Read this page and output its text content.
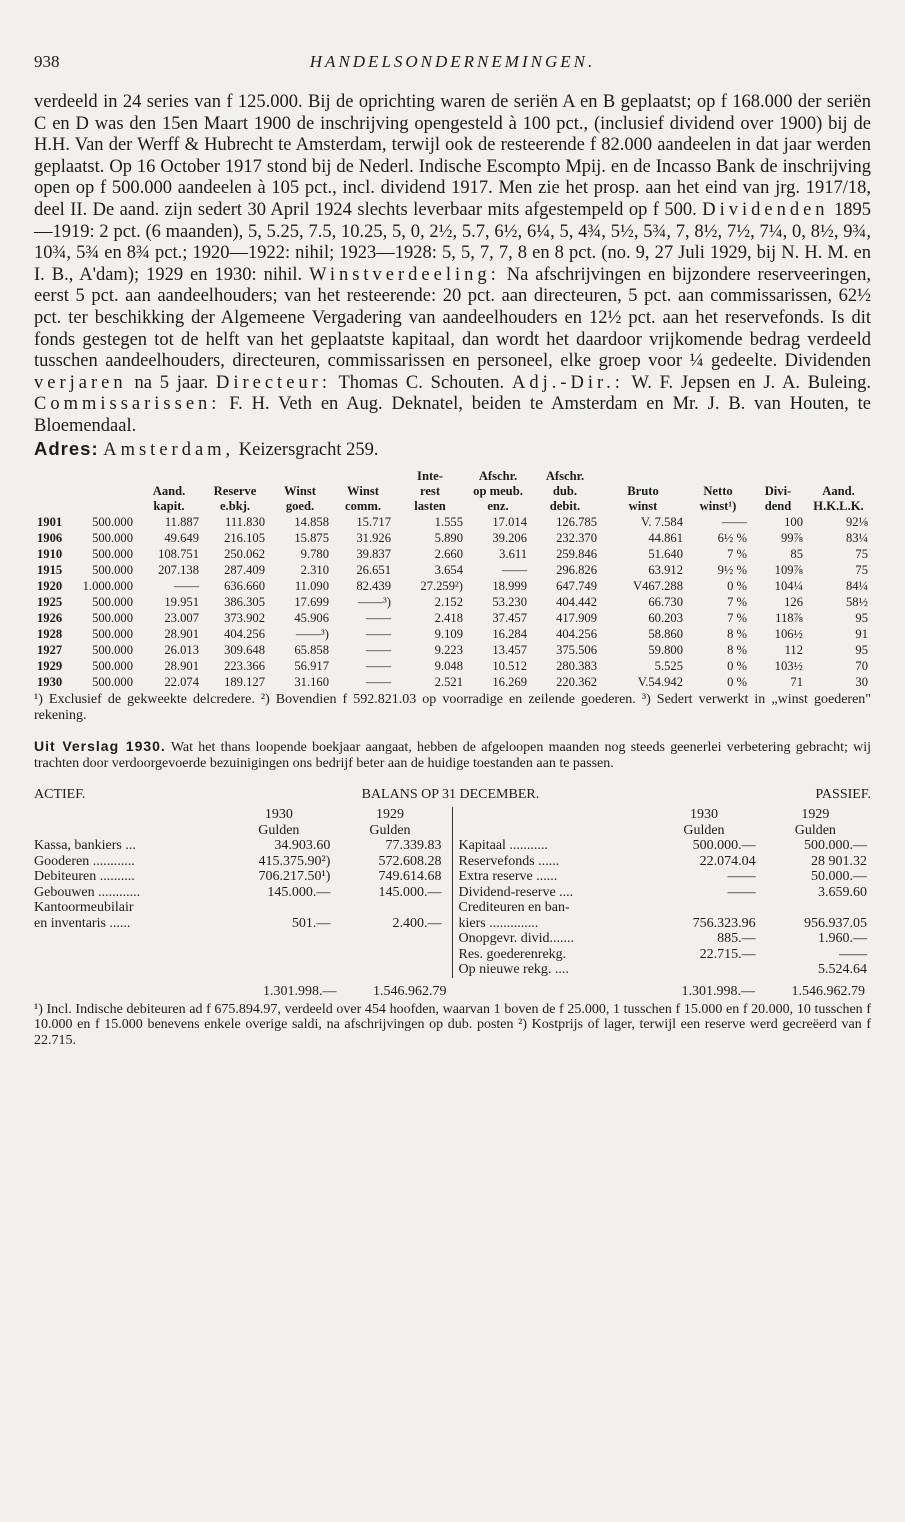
938	HANDELSONDERNEMINGEN.

verdeeld in 24 series van f 125.000. Bij de oprichting waren de seriën A en B geplaatst; op f 168.000 der seriën C en D was den 15en Maart 1900 de inschrijving opengesteld à 100 pct., (inclusief dividend over 1900) bij de H.H. Van der Werff & Hubrecht te Amsterdam, terwijl ook de resteerende f 82.000 aandeelen in dat jaar werden geplaatst. Op 16 October 1917 stond bij de Nederl. Indische Escompto Mpij. en de Incasso Bank de inschrijving open op f 500.000 aandeelen à 105 pct., incl. dividend 1917. Men zie het prosp. aan het eind van jrg. 1917/18, deel II. De aand. zijn sedert 30 April 1924 slechts leverbaar mits afgestempeld op f 500. Dividenden 1895—1919: 2 pct. (6 maanden), 5, 5.25, 7.5, 10.25, 5, 0, 2½, 5.7, 6½, 6¼, 5, 4¾, 5½, 5¾, 7, 8½, 7½, 7¼, 0, 8½, 9¾, 10¾, 5¾ en 8¾ pct.; 1920—1922: nihil; 1923—1928: 5, 5, 7, 7, 8 en 8 pct. (no. 9, 27 Juli 1929, bij N. H. M. en I. B., A'dam); 1929 en 1930: nihil. Winstverdeeling: Na afschrijvingen en bijzondere reserveeringen, eerst 5 pct. aan aandeelhouders; van het resteerende: 20 pct. aan directeuren, 5 pct. aan commissarissen, 62½ pct. ter beschikking der Algemeene Vergadering van aandeelhouders en 12½ pct. aan het reservefonds. Is dit fonds gestegen tot de helft van het geplaatste kapitaal, dan wordt het daardoor vrijkomende bedrag verdeeld tusschen aandeelhouders, directeuren, commissarissen en personeel, elke groep voor ¼ gedeelte. Dividenden verjaren na 5 jaar. Directeur: Thomas C. Schouten. Adj.-Dir.: W. F. Jepsen en J. A. Buleing. Commissarissen: F. H. Veth en Aug. Deknatel, beiden te Amsterdam en Mr. J. B. van Houten, te Bloemendaal.
Adres: Amsterdam, Keizersgracht 259.

						Inte-	Afschr.	Afschr.				
		Aand.	Reserve	Winst	Winst	rest	op meub.	dub.	Bruto	Netto	Divi-	Aand.
		kapit.	e.bkj.	goed.	comm.	lasten	enz.	debit.	winst	winst¹)	dend	H.K.L.K.
1901	500.000	11.887	111.830	14.858	15.717	1.555	17.014	126.785	V. 7.584	——	100	92⅛
1906	500.000	49.649	216.105	15.875	31.926	5.890	39.206	232.370	44.861	6½ %	99⅞	83¼
1910	500.000	108.751	250.062	9.780	39.837	2.660	3.611	259.846	51.640	7 %	85	75
1915	500.000	207.138	287.409	2.310	26.651	3.654	——	296.826	63.912	9½ %	109⅞	75
1920	1.000.000	——	636.660	11.090	82.439	27.259²)	18.999	647.749	V467.288	0 %	104¼	84¼
1925	500.000	19.951	386.305	17.699	——³)	2.152	53.230	404.442	66.730	7 %	126	58½
1926	500.000	23.007	373.902	45.906	——	2.418	37.457	417.909	60.203	7 %	118⅞	95
1928	500.000	28.901	404.256	——³)	——	9.109	16.284	404.256	58.860	8 %	106½	91
1927	500.000	26.013	309.648	65.858	——	9.223	13.457	375.506	59.800	8 %	112	95
1929	500.000	28.901	223.366	56.917	——	9.048	10.512	280.383	5.525	0 %	103½	70
1930	500.000	22.074	189.127	31.160	——	2.521	16.269	220.362	V.54.942	0 %	71	30

¹) Exclusief de gekweekte delcredere. ²) Bovendien f 592.821.03 op voorradige en zeilende goederen. ³) Sedert verwerkt in „winst goederen" rekening.

Uit Verslag 1930. Wat het thans loopende boekjaar aangaat, hebben de afgeloopen maanden nog steeds geenerlei verbetering gebracht; wij trachten door verdoorgevoerde bezuinigingen ons bedrijf beter aan de huidige toestanden aan te passen.

ACTIEF.	BALANS OP 31 DECEMBER.	PASSIEF.
	1930	1929
	Gulden	Gulden
Kassa, bankiers ...	34.903.60	77.339.83
Gooderen ............	415.375.90²)	572.608.28
Debiteuren ..........	706.217.50¹)	749.614.68
Gebouwen ............	145.000.—	145.000.—
Kantoormeubilair		
en inventaris ......	501.—	2.400.—
	1930	1929
	Gulden	Gulden
Kapitaal ...........	500.000.—	500.000.—
Reservefonds ......	22.074.04	28 901.32
Extra reserve ......	——	50.000.—
Dividend-reserve ....	——	3.659.60
Crediteuren en ban-		
kiers ..............	756.323.96	956.937.05
Onopgevr. divid.......	885.—	1.960.—
Res. goederenrekg.	22.715.—	——
Op nieuwe rekg. ....		5.524.64
1.301.998.—	1.546.962.79	1.301.998.—	1.546.962.79

¹) Incl. Indische debiteuren ad f 675.894.97, verdeeld over 454 hoofden, waarvan 1 boven de f 25.000, 1 tusschen f 15.000 en f 20.000, 10 tusschen f 10.000 en f 15.000 benevens enkele overige saldi, na afschrijvingen op dub. posten ²) Kostprijs of lager, terwijl een reserve werd gecreëerd van f 22.715.
